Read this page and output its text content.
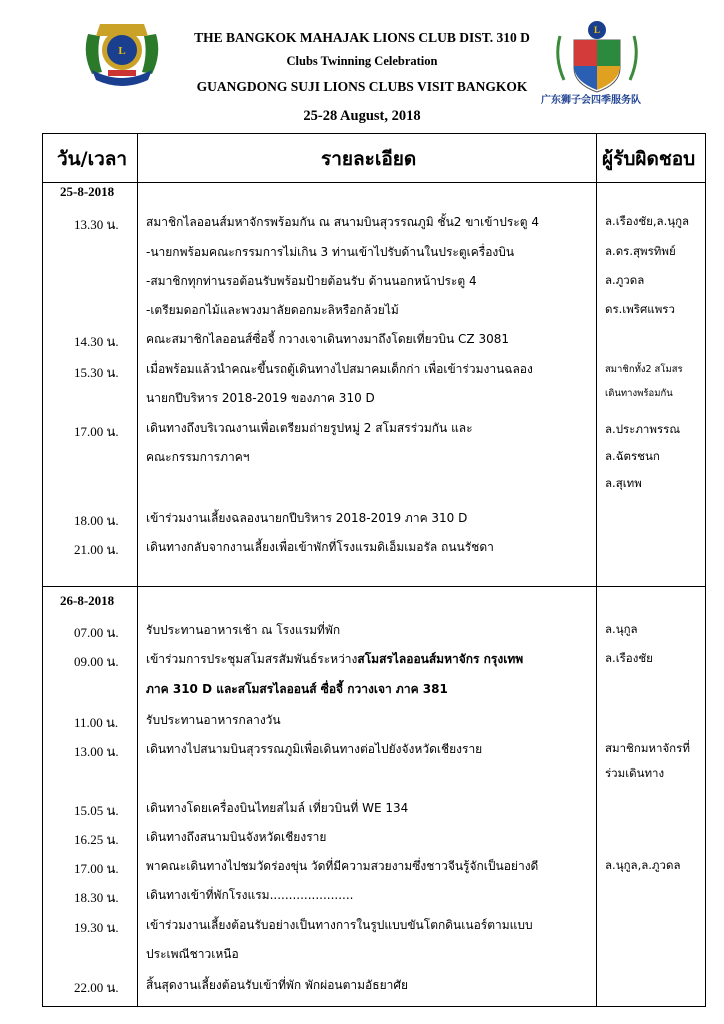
L
L
广东狮子会四季服务队
THE BANGKOK MAHAJAK LIONS CLUB DIST. 310 D
Clubs Twinning Celebration
GUANGDONG SUJI LIONS CLUBS VISIT BANGKOK
25-28 August, 2018
วัน/เวลา	รายละเอียด	ผู้รับผิดชอบ
25-8-2018
13.30 น.
14.30 น.
15.30 น.
17.00 น.
18.00 น.
21.00 น.
สมาชิกไลออนส์มหาจักรพร้อมกัน ณ สนามบินสุวรรณภูมิ ชั้น2 ขาเข้าประตู 4
-นายกพร้อมคณะกรรมการไม่เกิน 3 ท่านเข้าไปรับด้านในประตูเครื่องบิน
-สมาชิกทุกท่านรอต้อนรับพร้อมป้ายต้อนรับ ด้านนอกหน้าประตู 4
-เตรียมดอกไม้และพวงมาลัยดอกมะลิหรือกล้วยไม้
คณะสมาชิกไลออนส์ซื่อจี้ กวางเจาเดินทางมาถึงโดยเที่ยวบิน CZ 3081
เมื่อพร้อมแล้วนำคณะขึ้นรถตู้เดินทางไปสมาคมเด็กก่า เพื่อเข้าร่วมงานฉลอง
นายกปีบริหาร 2018-2019 ของภาค 310 D
เดินทางถึงบริเวณงานเพื่อเตรียมถ่ายรูปหมู่ 2 สโมสรร่วมกัน และ
คณะกรรมการภาคฯ
เข้าร่วมงานเลี้ยงฉลองนายกปีบริหาร 2018-2019 ภาค 310 D
เดินทางกลับจากงานเลี้ยงเพื่อเข้าพักที่โรงแรมดิเอ็มเมอรัล ถนนรัชดา
ล.เรืองชัย,ล.นุกูล
ล.ดร.สุพรทิพย์
ล.ภูวดล
ดร.เพริศแพรว
สมาชิกทั้ง2 สโมสร
เดินทางพร้อมกัน
ล.ประภาพรรณ
ล.ฉัตรชนก
ล.สุเทพ
26-8-2018
07.00 น.
09.00 น.
11.00 น.
13.00 น.
15.05 น.
16.25 น.
17.00 น.
18.30 น.
19.30 น.
22.00 น.
รับประทานอาหารเช้า ณ โรงแรมที่พัก
เข้าร่วมการประชุมสโมสรสัมพันธ์ระหว่างสโมสรไลออนส์มหาจักร กรุงเทพ
ภาค 310 D และสโมสรไลออนส์ ซื่อจี้ กวางเจา ภาค 381
รับประทานอาหารกลางวัน
เดินทางไปสนามบินสุวรรณภูมิเพื่อเดินทางต่อไปยังจังหวัดเชียงราย
เดินทางโดยเครื่องบินไทยสไมล์ เที่ยวบินที่ WE 134
เดินทางถึงสนามบินจังหวัดเชียงราย
พาคณะเดินทางไปชมวัดร่องขุ่น วัดที่มีความสวยงามซึ่งชาวจีนรู้จักเป็นอย่างดี
เดินทางเข้าที่พักโรงแรม......................
เข้าร่วมงานเลี้ยงต้อนรับอย่างเป็นทางการในรูปแบบขันโตกดินเนอร์ตามแบบ
ประเพณีชาวเหนือ
สิ้นสุดงานเลี้ยงต้อนรับเข้าที่พัก พักผ่อนตามอัธยาศัย
ล.นุกูล
ล.เรืองชัย
สมาชิกมหาจักรที่
ร่วมเดินทาง
ล.นุกูล,ล.ภูวดล
